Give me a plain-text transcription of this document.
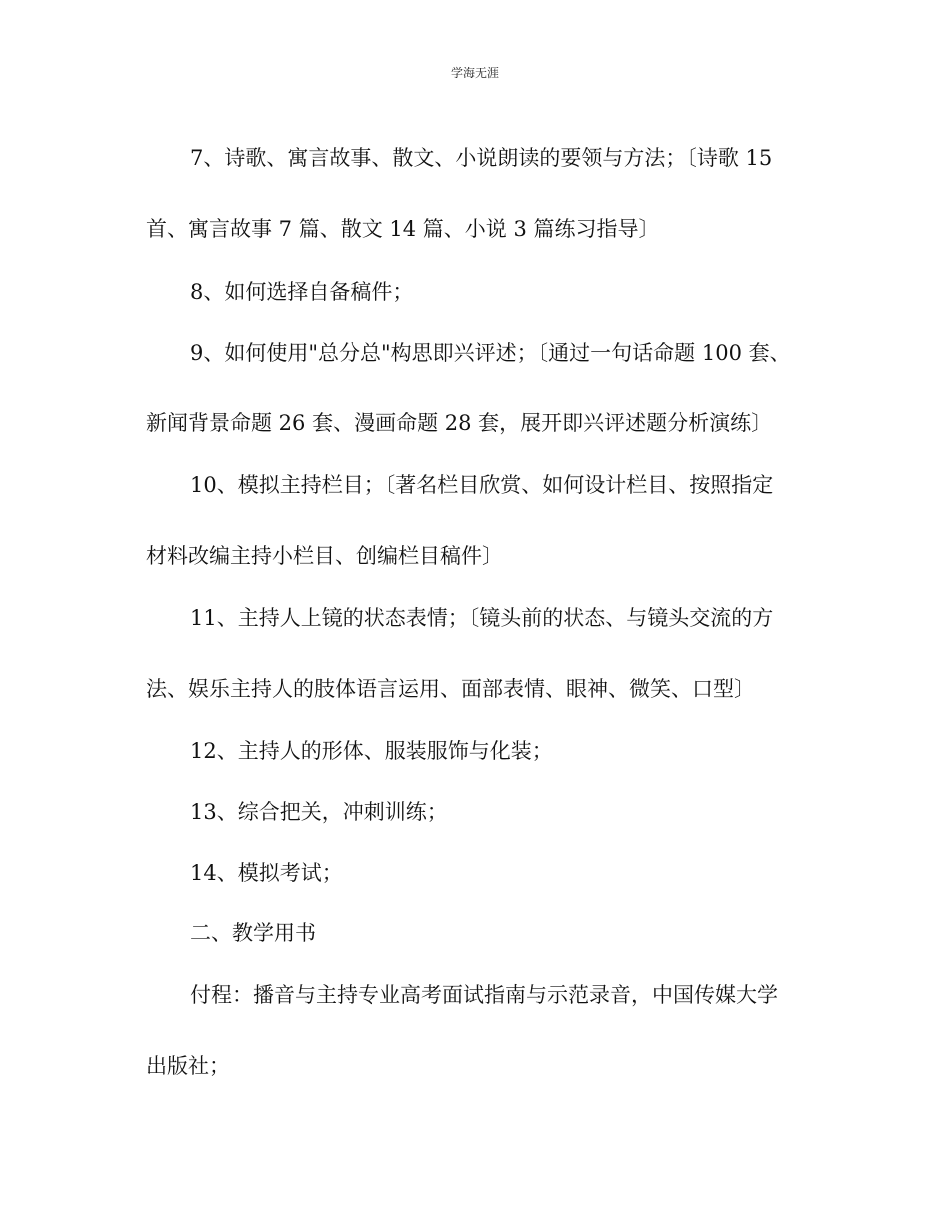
学海无涯
7、诗歌、寓言故事、散文、小说朗读的要领与方法；〔诗歌 15
首、寓言故事 7 篇、散文 14 篇、小说 3 篇练习指导〕
8、如何选择自备稿件；
9、如何使用"总分总"构思即兴评述；〔通过一句话命题 100 套、
新闻背景命题 26 套、漫画命题 28 套，展开即兴评述题分析演练〕
10、模拟主持栏目；〔著名栏目欣赏、如何设计栏目、按照指定
材料改编主持小栏目、创编栏目稿件〕
11、主持人上镜的状态表情；〔镜头前的状态、与镜头交流的方
法、娱乐主持人的肢体语言运用、面部表情、眼神、微笑、口型〕
12、主持人的形体、服装服饰与化装；
13、综合把关，冲刺训练；
14、模拟考试；
二、教学用书
付程：播音与主持专业高考面试指南与示范录音，中国传媒大学
出版社；
